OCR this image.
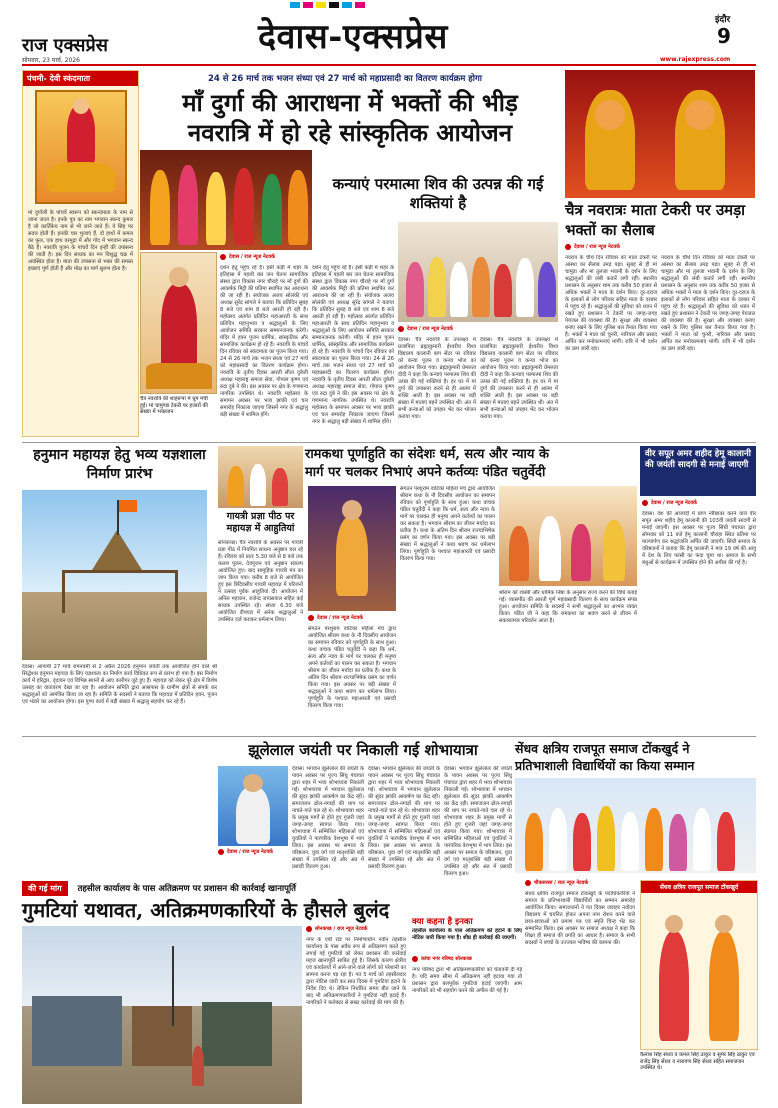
राज एक्सप्रेस
सोमवार, 23 मार्च, 2026
देवास-एक्सप्रेस	इंदौर
9
www.rajexpress.com
पंचमी- देवी स्कंदमाता
मां दुर्गाजी के पांचवें स्वरूप को स्कन्दमाता के नाम से जाना जाता है। इनके पुत्र का नाम भगवान स्कन्द कुमार है जो कार्तिकेय नाम से भी जाने जाते हैं। ये सिंह पर सवार होती हैं। इनकी चार भुजाएं हैं, दो हाथों में कमल का फूल, एक हाथ वरमुद्रा में और गोद में भगवान स्कन्द बैठे हैं। नवरात्रि पूजन के पांचवें दिन इन्हीं की उपासना की जाती है। इस दिन साधक का मन विशुद्ध चक्र में अवस्थित होता है। माता की उपासना से भक्त की समस्त इच्छाएं पूर्ण होती हैं और मोक्ष का मार्ग सुलभ होता है।
24 से 26 मार्च तक भजन संध्या एवं 27 मार्च को महाप्रसादी का वितरण कार्यक्रम होगा
माँ दुर्गा की आराधना में भक्तों की भीड़
नवरात्रि में हो रहे सांस्कृतिक आयोजन
चैत्र नवरात्रि की शाहरूपा में धूम मची हुई। मां चामुण्डा टेकरी पर हजारों की संख्या में भक्तजन
देवास / राज न्यूज नेटवर्क
दर्शन हेतु पहुंच रहे हैं। इसी कड़ी में शहर के इतिहास में पहली बार जन चेतना सामाजिक संस्था द्वारा विकास नगर चौराहे पर माँ दुर्गा की आकर्षक मिट्टी की प्रतिमा स्थापित कर आराधना की जा रही है। संयोजक अजय सोलंकी एवं अध्यक्ष सुरेंद्र सांगले ने बताया कि प्रतिदिन सुबह 8 बजे एवं शाम 8 बजे आरती हो रही है। महोत्सव अंतर्गत प्रतिदिन महाआरती के साथ प्रतिदिन महानुभाव व श्रद्धालुओं के लिए आयोजन समिति सरकार सम्मानजनक करेगी। मंदिर में हवन पूजन धार्मिक, सांस्कृतिक और सामाजिक कार्यक्रम हो रहे हैं। नवरात्रि के पांचवें दिन रविवार को स्कंदमाता का पूजन किया गया। 24 से 26 मार्च तक भजन संध्या एवं 27 मार्च को महाप्रसादी का वितरण कार्यक्रम होगा। नवरात्रि के तृतीय दिवस आरती सीता दुबेजी अध्यक्ष महाराष्ट्र समाज सेवा, गोपाल कृष्ण एवं रुद्रा दुबे ने की। इस अवसर पर क्षेत्र के गणमान्य नागरिक उपस्थित थे। नवरात्रि महोत्सव के समापन अवसर पर भव्य झांकी एवं चल समारोह निकाला जाएगा जिसमें नगर के श्रद्धालु बड़ी संख्या में शामिल होंगे।
दर्शन हेतु पहुंच रहे हैं। इसी कड़ी में शहर के इतिहास में पहली बार जन चेतना सामाजिक संस्था द्वारा विकास नगर चौराहे पर माँ दुर्गा की आकर्षक मिट्टी की प्रतिमा स्थापित कर आराधना की जा रही है। संयोजक अजय सोलंकी एवं अध्यक्ष सुरेंद्र सांगले ने बताया कि प्रतिदिन सुबह 8 बजे एवं शाम 8 बजे आरती हो रही है। महोत्सव अंतर्गत प्रतिदिन महाआरती के साथ प्रतिदिन महानुभाव व श्रद्धालुओं के लिए आयोजन समिति सरकार सम्मानजनक करेगी। मंदिर में हवन पूजन धार्मिक, सांस्कृतिक और सामाजिक कार्यक्रम हो रहे हैं। नवरात्रि के पांचवें दिन रविवार को स्कंदमाता का पूजन किया गया। 24 से 26 मार्च तक भजन संध्या एवं 27 मार्च को महाप्रसादी का वितरण कार्यक्रम होगा। नवरात्रि के तृतीय दिवस आरती सीता दुबेजी अध्यक्ष महाराष्ट्र समाज सेवा, गोपाल कृष्ण एवं रुद्रा दुबे ने की। इस अवसर पर क्षेत्र के गणमान्य नागरिक उपस्थित थे। नवरात्रि महोत्सव के समापन अवसर पर भव्य झांकी एवं चल समारोह निकाला जाएगा जिसमें नगर के श्रद्धालु बड़ी संख्या में शामिल होंगे।
कन्याएं परमात्मा शिव की उत्पन्न की गई शक्तियां है
देवास / राज न्यूज नेटवर्क
देवास। चैत्र नवरात्रि के उपलक्ष्य में प्रजापिता ब्रह्माकुमारी ईश्वरीय विश्व विद्यालय कालानी बाग सेंटर पर रविवार को कन्या पूजन व कन्या भोज का आयोजन किया गया। ब्रह्माकुमारी प्रेमलता दीदी ने कहा कि कन्याएं परमात्मा शिव की उत्पन्न की गई शक्तियां है। हर घर में मां दुर्गा की उपासना करने से ही आत्मा में शक्ति आती है। इस अवसर पर बड़ी संख्या में माताएं बहनें उपस्थित थीं। अंत में सभी कन्याओं को उपहार भेंट कर भोजन कराया गया।
देवास। चैत्र नवरात्रि के उपलक्ष्य में प्रजापिता ब्रह्माकुमारी ईश्वरीय विश्व विद्यालय कालानी बाग सेंटर पर रविवार को कन्या पूजन व कन्या भोज का आयोजन किया गया। ब्रह्माकुमारी प्रेमलता दीदी ने कहा कि कन्याएं परमात्मा शिव की उत्पन्न की गई शक्तियां है। हर घर में मां दुर्गा की उपासना करने से ही आत्मा में शक्ति आती है। इस अवसर पर बड़ी संख्या में माताएं बहनें उपस्थित थीं। अंत में सभी कन्याओं को उपहार भेंट कर भोजन कराया गया।
चैत्र नवरात्रः माता टेकरी पर उमड़ा भक्तों का सैलाब
देवास / राज न्यूज नेटवर्क
नवरात्र के चौथे दिन रविवार को माता टेकरी पर आस्था का सैलाब उमड़ पड़ा। सुबह से ही मां चामुंडा और मां तुलजा भवानी के दर्शन के लिए श्रद्धालुओं की लंबी कतारें लगी रहीं। स्थानीय प्रशासन के अनुसार शाम तक करीब 50 हजार से अधिक भक्तों ने माता के दर्शन किए। दूर-दराज के इलाकों से लोग परिवार सहित माता के दरबार में पहुंच रहे हैं। श्रद्धालुओं की सुविधा को ध्यान में रखते हुए प्रशासन ने टेकरी पर जगह-जगह पेयजल की व्यवस्था की है। सुरक्षा और व्यवस्था बनाए रखने के लिए पुलिस बल तैनात किया गया है। भक्तों ने माता को चुनरी, नारियल और प्रसाद अर्पित कर मनोकामनाएं मांगीं। रात्रि में भी दर्शन का क्रम जारी रहा।
नवरात्र के चौथे दिन रविवार को माता टेकरी पर आस्था का सैलाब उमड़ पड़ा। सुबह से ही मां चामुंडा और मां तुलजा भवानी के दर्शन के लिए श्रद्धालुओं की लंबी कतारें लगी रहीं। स्थानीय प्रशासन के अनुसार शाम तक करीब 50 हजार से अधिक भक्तों ने माता के दर्शन किए। दूर-दराज के इलाकों से लोग परिवार सहित माता के दरबार में पहुंच रहे हैं। श्रद्धालुओं की सुविधा को ध्यान में रखते हुए प्रशासन ने टेकरी पर जगह-जगह पेयजल की व्यवस्था की है। सुरक्षा और व्यवस्था बनाए रखने के लिए पुलिस बल तैनात किया गया है। भक्तों ने माता को चुनरी, नारियल और प्रसाद अर्पित कर मनोकामनाएं मांगीं। रात्रि में भी दर्शन का क्रम जारी रहा।
हनुमान महायज्ञ हेतु भव्य यज्ञशाला निर्माण प्रारंभ
देवास। आगामी 27 मार्च रामनवमी से 2 अप्रैल 2026 हनुमान जयंती तक आयोजित होने वाले श्री सिद्धेश्वर हनुमान महायज्ञ के लिए यज्ञशाला का निर्माण कार्य विधिवत रूप से प्रारंभ हो गया है। इस निर्माण कार्य में हरिद्वार, वृंदावन एवं विभिन्न स्थानों से आए कारीगर जुटे हुए हैं। महायज्ञ को लेकर पूरे क्षेत्र में विशेष उत्साह का वातावरण देखा जा रहा है। आयोजन समिति द्वारा आसपास के ग्रामीण क्षेत्रों से संपर्क कर श्रद्धालुओं को आमंत्रित किया जा रहा है। समिति के सदस्यों ने बताया कि महायज्ञ में प्रतिदिन हवन, पूजन एवं भंडारे का आयोजन होगा। इस पुण्य कार्य में बड़ी संख्या में श्रद्धालु सहयोग कर रहे हैं।
गायत्री प्रज्ञा पीठ पर महायज्ञ में आहुतियां
सोनकच्छ। चैत्र नवरात्रि के अवसर पर गायत्री प्रज्ञा पीठ में नियमित साधना अनुष्ठान चल रहे हैं। रविवार को प्रातः 5.30 बजे से 8 बजे तक कलश पूजन, देवपूजन एवं अनुष्ठान संकल्प आयोजित हुए। बाद सामूहिक गायत्री मंत्र का जाप किया गया। करीब 8 बजे से आयोजित हुए इस त्रिदिवसीय गायत्री महायज्ञ में परिजनों ने उत्साह पूर्वक आहुतियां दीं। आयोजन में अनिल महाजन, राजेन्द्र जायसवाल सहित कई साधक उपस्थित रहे। संध्या 6.30 बजे आयोजित दीपयज्ञ में अनेक श्रद्धालुओं ने उपस्थित दर्ज कराकर धर्मलाभ लिया।
रामकथा पूर्णाहुति का संदेशः धर्म, सत्य और न्याय के
मार्ग पर चलकर निभाएं अपने कर्तव्यः पंडित चतुर्वेदी
देवास / राज न्यूज नेटवर्क
संगठन परशुराम वाटिका महिला मंच द्वारा आयोजित श्रीराम कथा के नौ दिवसीय आयोजन का समापन रविवार को पूर्णाहुति के साथ हुआ। कथा वाचक पंडित चतुर्वेदी ने कहा कि धर्म, सत्य और न्याय के मार्ग पर चलकर ही मनुष्य अपने कर्तव्यों का पालन कर सकता है। भगवान श्रीराम का जीवन मर्यादा का प्रतीक है। कथा के अंतिम दिन श्रीराम राज्याभिषेक प्रसंग का वर्णन किया गया। इस अवसर पर बड़ी संख्या में श्रद्धालुओं ने कथा श्रवण कर धर्मलाभ लिया। पूर्णाहुति के पश्चात महाआरती एवं प्रसादी वितरण किया गया।
संगठन परशुराम वाटिका महिला मंच द्वारा आयोजित श्रीराम कथा के नौ दिवसीय आयोजन का समापन रविवार को पूर्णाहुति के साथ हुआ। कथा वाचक पंडित चतुर्वेदी ने कहा कि धर्म, सत्य और न्याय के मार्ग पर चलकर ही मनुष्य अपने कर्तव्यों का पालन कर सकता है। भगवान श्रीराम का जीवन मर्यादा का प्रतीक है। कथा के अंतिम दिन श्रीराम राज्याभिषेक प्रसंग का वर्णन किया गया। इस अवसर पर बड़ी संख्या में श्रद्धालुओं ने कथा श्रवण कर धर्मलाभ लिया। पूर्णाहुति के पश्चात महाआरती एवं प्रसादी वितरण किया गया।
श्रीराम को शास्त्री और धार्मिक निष्ठा के अनुसार राज्य करने की विधि बताई गई। व्यासपीठ की आरती पूर्ण महाप्रसादी वितरण के साथ कार्यक्रम संपन्न हुआ। आयोजन समिति के सदस्यों ने सभी श्रद्धालुओं का आभार व्यक्त किया। पंडित जी ने कहा कि रामकथा का श्रवण करने से जीवन में सकारात्मक परिवर्तन आता है।
वीर सपूत अमर शहीद हेमू कालानी की जयंती सादगी से मनाई जाएगी
देवास / राज न्यूज नेटवर्क
देवास। देश की आजादी में प्राण न्यौछावर करने वाले वीर सपूत अमर शहीद हेमू कालानी की 103वीं जयंती सादगी से मनाई जाएगी। इस अवसर पर पूज्य सिंधी पंचायत द्वारा सोमवार को 11 बजे हेमू कालानी चौराहा स्थित प्रतिमा पर माल्यार्पण कर श्रद्धांजलि अर्पित की जाएगी। सिंधी समाज के वरिष्ठजनों ने बताया कि हेमू कालानी ने मात्र 19 वर्ष की आयु में देश के लिए फांसी का फंदा चूमा था। समाज के सभी बंधुओं से कार्यक्रम में उपस्थित होने की अपील की गई है।
झूलेलाल जयंती पर निकाली गई शोभायात्रा
देवास / राज न्यूज नेटवर्क
देवास। भगवान झूलेलाल की जयंती के पावन अवसर पर पूज्य सिंधु पंचायत द्वारा शहर में भव्य शोभायात्रा निकाली गई। शोभायात्रा में भगवान झूलेलाल की सुंदर झांकी आकर्षण का केंद्र रही। समाजजन ढोल-नगाड़ों की थाप पर नाचते-गाते चल रहे थे। शोभायात्रा शहर के प्रमुख मार्गों से होते हुए गुजरी जहां जगह-जगह स्वागत किया गया। शोभायात्रा में सम्मिलित महिलाओं एवं युवतियों ने पारंपरिक वेशभूषा में भाग लिया। इस अवसर पर समाज के वरिष्ठजन, युवा वर्ग एवं मातृशक्ति बड़ी संख्या में उपस्थित रहे और अंत में प्रसादी वितरण हुआ।
देवास। भगवान झूलेलाल की जयंती के पावन अवसर पर पूज्य सिंधु पंचायत द्वारा शहर में भव्य शोभायात्रा निकाली गई। शोभायात्रा में भगवान झूलेलाल की सुंदर झांकी आकर्षण का केंद्र रही। समाजजन ढोल-नगाड़ों की थाप पर नाचते-गाते चल रहे थे। शोभायात्रा शहर के प्रमुख मार्गों से होते हुए गुजरी जहां जगह-जगह स्वागत किया गया। शोभायात्रा में सम्मिलित महिलाओं एवं युवतियों ने पारंपरिक वेशभूषा में भाग लिया। इस अवसर पर समाज के वरिष्ठजन, युवा वर्ग एवं मातृशक्ति बड़ी संख्या में उपस्थित रहे और अंत में प्रसादी वितरण हुआ।
देवास। भगवान झूलेलाल की जयंती के पावन अवसर पर पूज्य सिंधु पंचायत द्वारा शहर में भव्य शोभायात्रा निकाली गई। शोभायात्रा में भगवान झूलेलाल की सुंदर झांकी आकर्षण का केंद्र रही। समाजजन ढोल-नगाड़ों की थाप पर नाचते-गाते चल रहे थे। शोभायात्रा शहर के प्रमुख मार्गों से होते हुए गुजरी जहां जगह-जगह स्वागत किया गया। शोभायात्रा में सम्मिलित महिलाओं एवं युवतियों ने पारंपरिक वेशभूषा में भाग लिया। इस अवसर पर समाज के वरिष्ठजन, युवा वर्ग एवं मातृशक्ति बड़ी संख्या में उपस्थित रहे और अंत में प्रसादी वितरण हुआ।
सेंधव क्षत्रिय राजपूत समाज टोंकखुर्द ने
प्रतिभाशाली विद्यार्थियों का किया सम्मान
की गई मांग	तहसील कार्यालय के पास अतिक्रमण पर प्रशासन की कार्रवाई खानापूर्ति
गुमटियां यथावत, अतिक्रमणकारियों के हौसले बुलंद
सोनकच्छ / राज न्यूज नेटवर्क
नगर के एबी रोड पर निर्माणाधीन नवीन तहसील कार्यालय के पास अवैध रूप से अतिक्रमण करते हुए लगाई गई गुमटियों को लेकर प्रशासन की कार्रवाई महज खानापूर्ति साबित हुई है। जिसके कारण क्षेत्रीय एवं कार्यालयों में आने-जाने वाले लोगों को परेशानी का सामना करना पड़ रहा है। गत 5 मार्च को तहसीलदार द्वारा नोटिस जारी कर सात दिवस में गुमटियां हटाने के निर्देश दिए थे। लेकिन निर्धारित समय बीत जाने के बाद भी अतिक्रमणकारियों ने गुमटियां नहीं हटाई हैं। नागरिकों ने कलेक्टर से सख्त कार्रवाई की मांग की है।
क्या कहना है इनका
तहसील कार्यालय के पास अतिक्रमण को हटाने के लिए नोटिस जारी किया गया है। शीघ्र ही कार्रवाई की जाएगी।
कांचा नगर परिषद सोनकच्छ
नगर परिषद द्वारा भी अतिक्रमणकारियों को चेतावनी दी गई है। यदि समय सीमा में अतिक्रमण नहीं हटाया गया तो प्रशासन द्वारा बलपूर्वक गुमटियां हटाई जाएंगी। आम नागरिकों को भी सहयोग करने की अपील की गई है।
चौकसरसा / राज न्यूज नेटवर्क
सेंधव क्षत्रिय राजपूत समाज टोंकखुर्द के पदाधिकारियों ने समाज के प्रतिभाशाली विद्यार्थियों का सम्मान समारोह आयोजित किया। समाजजनों ने गत दिवस जवाहर नवोदय विद्यालय में चयनित होकर अपना नाम रोशन करने वाले छात्र-छात्राओं को प्रमाण पत्र एवं स्मृति चिन्ह भेंट कर सम्मानित किया। इस अवसर पर समाज अध्यक्ष ने कहा कि शिक्षा ही समाज की प्रगति का आधार है। समाज के सभी सदस्यों ने बच्चों के उज्ज्वल भविष्य की कामना की।
सेंधव क्षत्रिय राजपूत समाज टोंकखुर्द
कैलाश सिंह सेंधव व कमल सिंह ठाकुर व सुमेर सिंह ठाकुर एवं राजेंद्र सिंह सेंधव व नारायण सिंह सेंधव सहित समाजजन उपस्थित थे।
